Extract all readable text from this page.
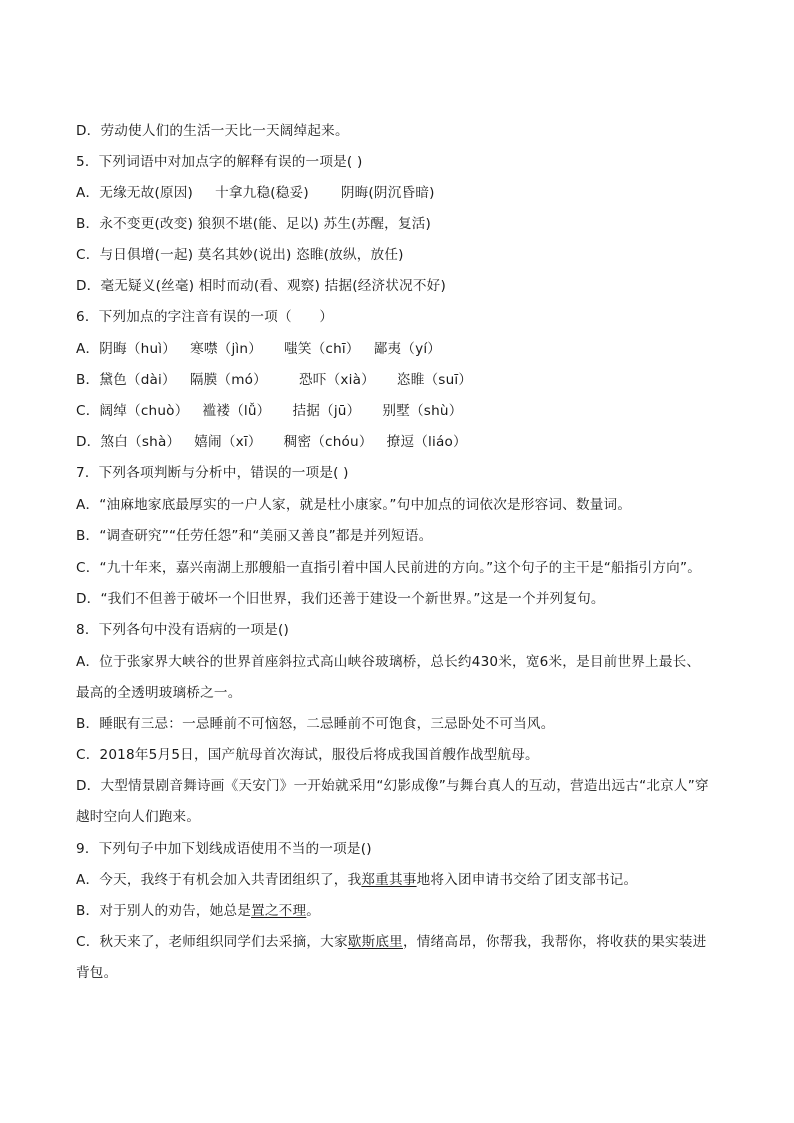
D．劳动使人们的生活一天比一天阔绰起来。
5．下列词语中对加点字的解释有误的一项是( )
A．无缘无故(原因) 十拿九稳(稳妥) 阴晦(阴沉昏暗)
B．永不变更(改变) 狼狈不堪(能、足以) 苏生(苏醒，复活)
C．与日俱增(一起) 莫名其妙(说出) 恣睢(放纵，放任)
D．毫无疑义(丝毫) 相时而动(看、观察) 拮据(经济状况不好)
6．下列加点的字注音有误的一项（　　）
A．阴晦（huì） 寒噤（jìn） 嗤笑（chī） 鄙夷（yí）
B．黛色（dài） 隔膜（mó） 恐吓（xià） 恣睢（suī）
C．阔绰（chuò） 褴褛（lǚ） 拮据（jū） 别墅（shù）
D．煞白（shà） 嬉闹（xī） 稠密（chóu） 撩逗（liáo）
7．下列各项判断与分析中，错误的一项是( )
A．“油麻地家底最厚实的一户人家，就是杜小康家。”句中加点的词依次是形容词、数量词。
B．“调查研究”“任劳任怨”和“美丽又善良”都是并列短语。
C．“九十年来，嘉兴南湖上那艘船一直指引着中国人民前进的方向。”这个句子的主干是“船指引方向”。
D．“我们不但善于破坏一个旧世界，我们还善于建设一个新世界。”这是一个并列复句。
8．下列各句中没有语病的一项是()
A．位于张家界大峡谷的世界首座斜拉式高山峡谷玻璃桥，总长约430米，宽6米，是目前世界上最长、
最高的全透明玻璃桥之一。
B．睡眠有三忌：一忌睡前不可恼怒，二忌睡前不可饱食，三忌卧处不可当风。
C．2018年5月5日，国产航母首次海试，服役后将成我国首艘作战型航母。
D．大型情景剧音舞诗画《天安门》一开始就采用“幻影成像”与舞台真人的互动，营造出远古“北京人”穿
越时空向人们跑来。
9．下列句子中加下划线成语使用不当的一项是()
A．今天，我终于有机会加入共青团组织了，我郑重其事地将入团申请书交给了团支部书记。
B．对于别人的劝告，她总是置之不理。
C．秋天来了，老师组织同学们去采摘，大家歇斯底里，情绪高昂，你帮我，我帮你，将收获的果实装进
背包。
